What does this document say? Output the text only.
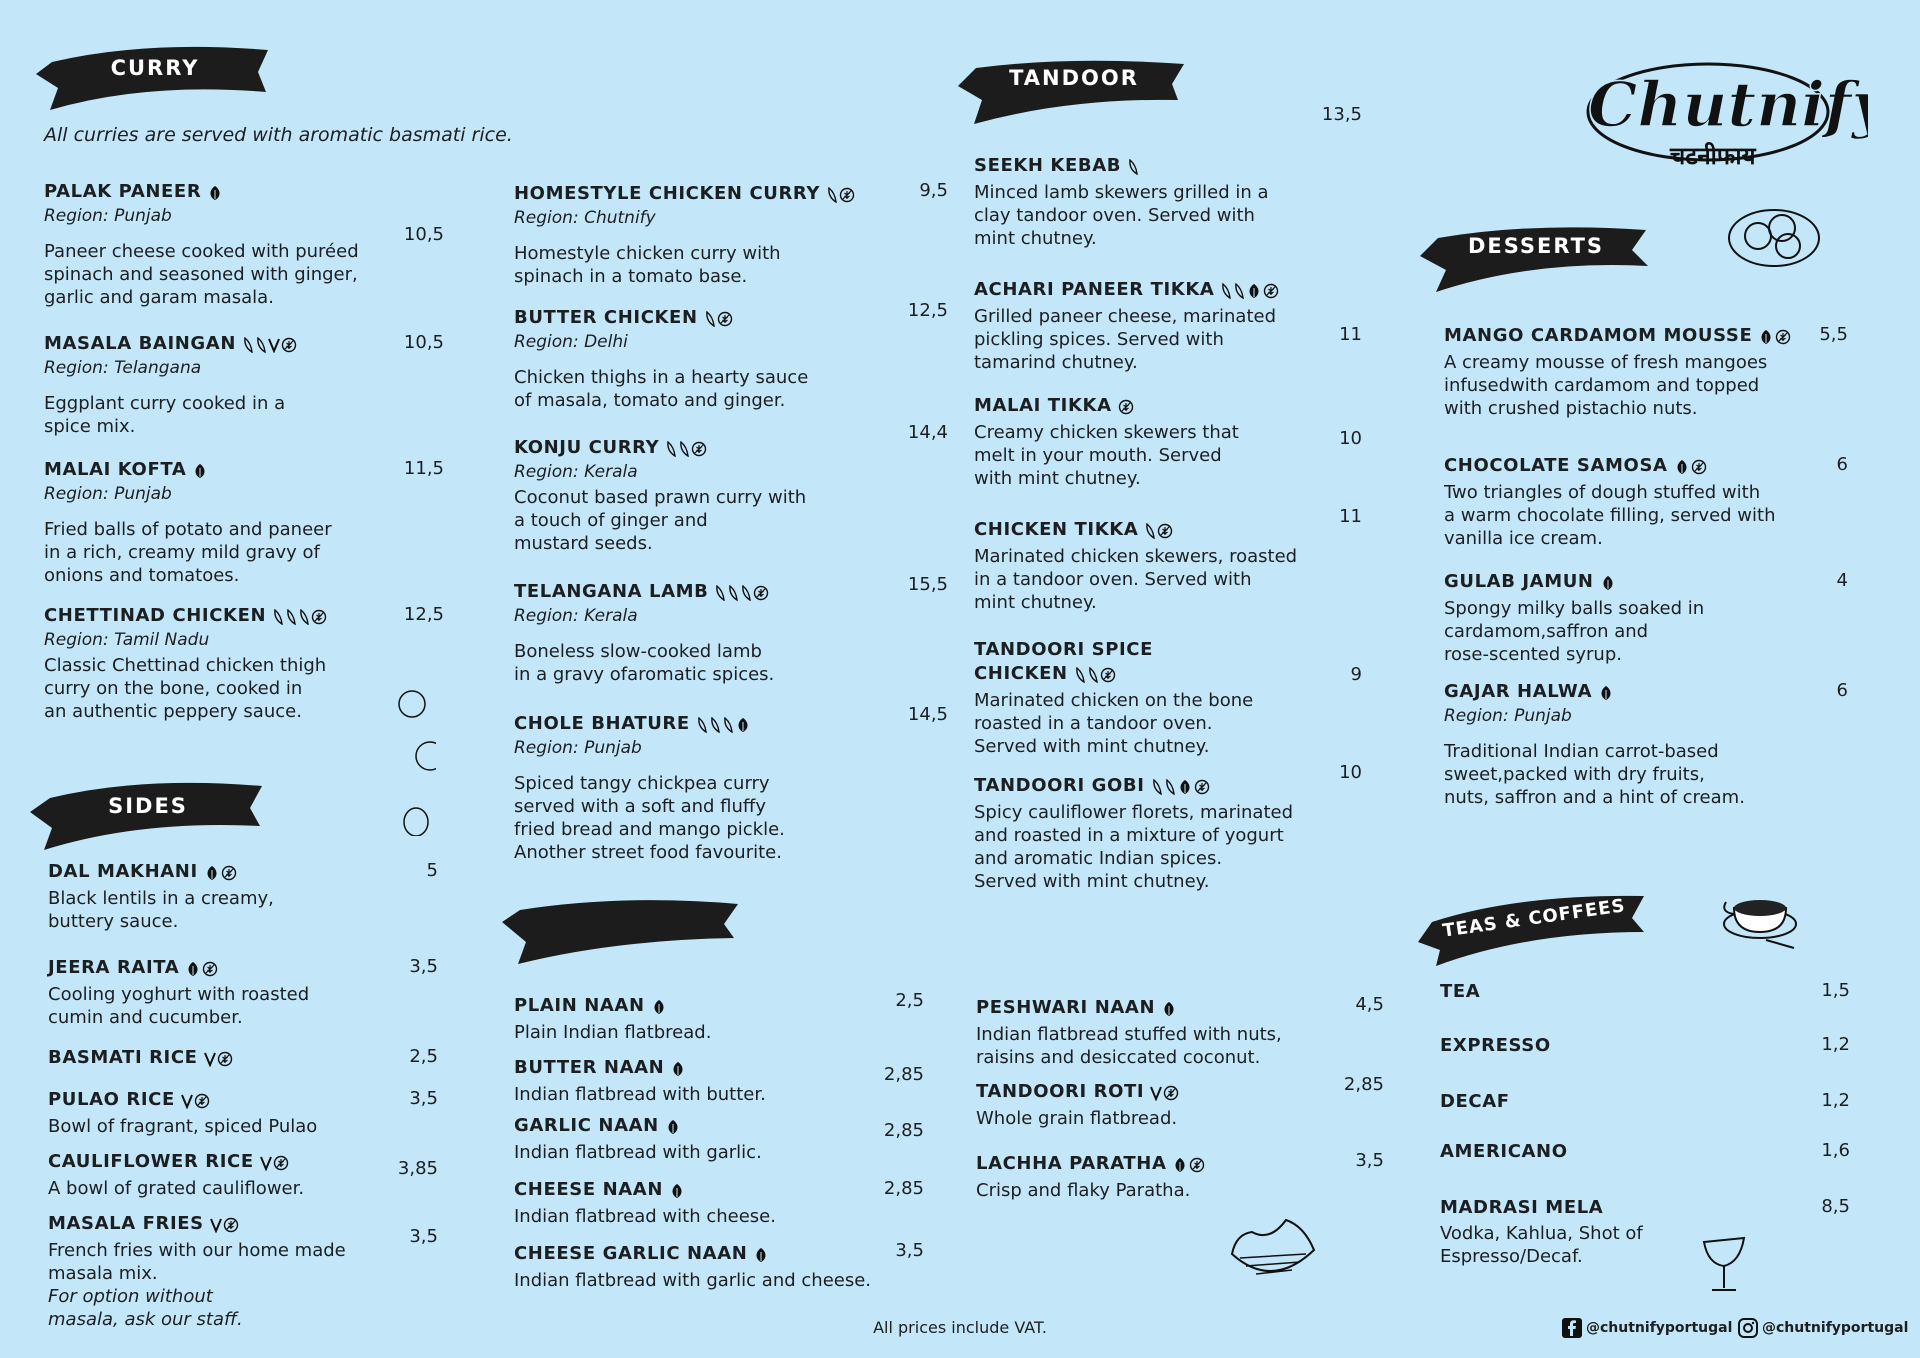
Chutnify
चटनीफाय
CURRY	TANDOOR
DESSERTS
SIDES
TEAS & COFFEES
All curries are served with aromatic basmati rice.
PALAK PANEER
Region: Punjab
Paneer cheese cooked with puréed
spinach and seasoned with ginger,
garlic and garam masala.
10,5
MASALA BAINGAN
Region: Telangana
Eggplant curry cooked in a
spice mix.
10,5
MALAI KOFTA
Region: Punjab
Fried balls of potato and paneer
in a rich, creamy mild gravy of
onions and tomatoes.
11,5
CHETTINAD CHICKEN
Region: Tamil Nadu
Classic Chettinad chicken thigh
curry on the bone, cooked in
an authentic peppery sauce.
12,5
HOMESTYLE CHICKEN CURRY
Region: Chutnify
Homestyle chicken curry with
spinach in a tomato base.
9,5
BUTTER CHICKEN
Region: Delhi
Chicken thighs in a hearty sauce
of masala, tomato and ginger.
12,5
KONJU CURRY
Region: Kerala
Coconut based prawn curry with
a touch of ginger and
mustard seeds.
14,4
TELANGANA LAMB
Region: Kerala
Boneless slow-cooked lamb
in a gravy ofaromatic spices.
15,5
CHOLE BHATURE
Region: Punjab
Spiced tangy chickpea curry
served with a soft and fluffy
fried bread and mango pickle.
Another street food favourite.
14,5
SEEKH KEBAB
Minced lamb skewers grilled in a
clay tandoor oven. Served with
mint chutney.
13,5
ACHARI PANEER TIKKA
Grilled paneer cheese, marinated
pickling spices. Served with
tamarind chutney.
11
MALAI TIKKA
Creamy chicken skewers that
melt in your mouth. Served
with mint chutney.
10
CHICKEN TIKKA
Marinated chicken skewers, roasted
in a tandoor oven. Served with
mint chutney.
11
TANDOORI SPICE
CHICKEN
Marinated chicken on the bone
roasted in a tandoor oven.
Served with mint chutney.
9
TANDOORI GOBI
Spicy cauliflower florets, marinated
and roasted in a mixture of yogurt
and aromatic Indian spices.
Served with mint chutney.
10
MANGO CARDAMOM MOUSSE
A creamy mousse of fresh mangoes
infusedwith cardamom and topped
with crushed pistachio nuts.
5,5
CHOCOLATE SAMOSA
Two triangles of dough stuffed with
a warm chocolate filling, served with
vanilla ice cream.
6
GULAB JAMUN
Spongy milky balls soaked in
cardamom,saffron and
rose-scented syrup.
4
GAJAR HALWA
Region: Punjab
Traditional Indian carrot-based
sweet,packed with dry fruits,
nuts, saffron and a hint of cream.
6
DAL MAKHANI
Black lentils in a creamy,
buttery sauce.
5
JEERA RAITA
Cooling yoghurt with roasted
cumin and cucumber.
3,5
BASMATI RICE	2,5
PULAO RICE
Bowl of fragrant, spiced Pulao
3,5
CAULIFLOWER RICE
A bowl of grated cauliflower.
3,85
MASALA FRIES
French fries with our home made
masala mix.
For option without
masala, ask our staff.
3,5
PLAIN NAAN
Plain Indian flatbread.
2,5
BUTTER NAAN
Indian flatbread with butter.
2,85
GARLIC NAAN
Indian flatbread with garlic.
2,85
CHEESE NAAN
Indian flatbread with cheese.
2,85
CHEESE GARLIC NAAN
Indian flatbread with garlic and cheese.
3,5
PESHWARI NAAN
Indian flatbread stuffed with nuts,
raisins and desiccated coconut.
4,5
TANDOORI ROTI
Whole grain flatbread.
2,85
LACHHA PARATHA
Crisp and flaky Paratha.
3,5
TEA	1,5
EXPRESSO	1,2
DECAF	1,2
AMERICANO	1,6
MADRASI MELA
Vodka, Kahlua, Shot of
Espresso/Decaf.
8,5
All prices include VAT.	@chutnifyportugal	@chutnifyportugal
